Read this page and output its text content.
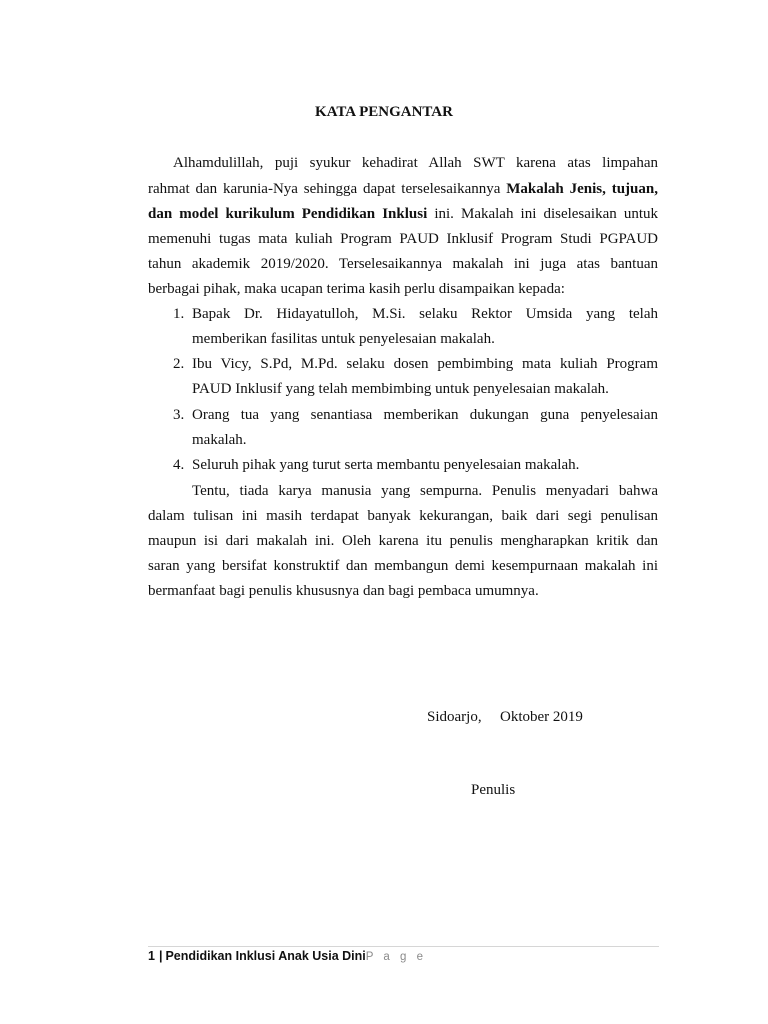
KATA PENGANTAR
Alhamdulillah, puji syukur kehadirat Allah SWT karena atas limpahan
rahmat dan karunia-Nya sehingga dapat terselesaikannya Makalah Jenis, tujuan,
dan model kurikulum Pendidikan Inklusi ini. Makalah ini diselesaikan untuk
memenuhi tugas mata kuliah Program PAUD Inklusif Program Studi PGPAUD
tahun akademik 2019/2020. Terselesaikannya makalah ini juga atas bantuan
berbagai pihak, maka ucapan terima kasih perlu disampaikan kepada:
1. Bapak Dr. Hidayatulloh, M.Si. selaku Rektor Umsida yang telah
memberikan fasilitas untuk penyelesaian makalah.
2. Ibu Vicy, S.Pd, M.Pd. selaku dosen pembimbing mata kuliah Program
PAUD Inklusif yang telah membimbing untuk penyelesaian makalah.
3. Orang tua yang senantiasa memberikan dukungan guna penyelesaian
makalah.
4. Seluruh pihak yang turut serta membantu penyelesaian makalah.
Tentu, tiada karya manusia yang sempurna. Penulis menyadari bahwa
dalam tulisan ini masih terdapat banyak kekurangan, baik dari segi penulisan
maupun isi dari makalah ini. Oleh karena itu penulis mengharapkan kritik dan
saran yang bersifat konstruktif dan membangun demi kesempurnaan makalah ini
bermanfaat bagi penulis khususnya dan bagi pembaca umumnya.
Sidoarjo, Oktober 2019
Penulis
1 | Pendidikan Inklusi Anak Usia DiniP a g e
